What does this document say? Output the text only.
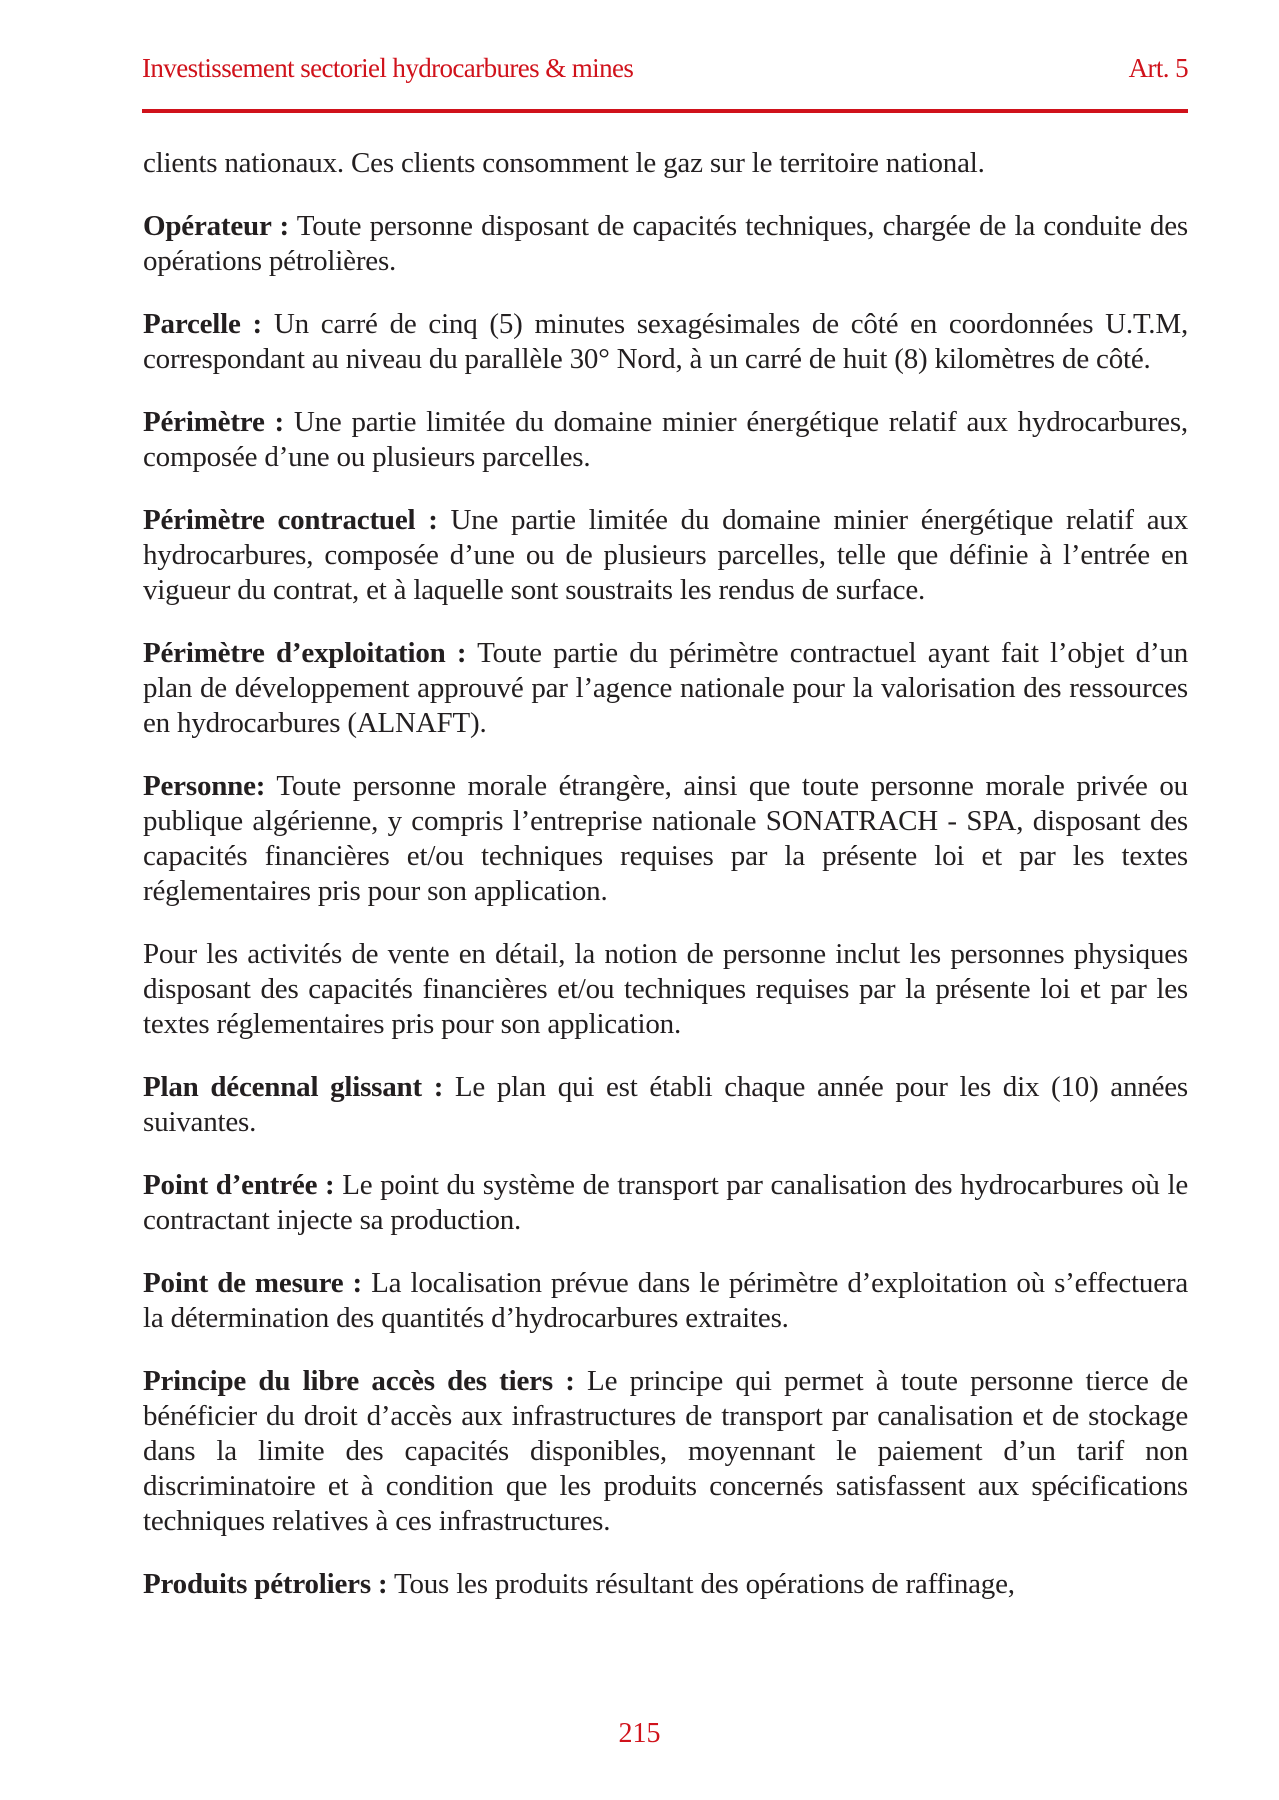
Investissement sectoriel hydrocarbures & mines	Art. 5

clients nationaux. Ces clients consomment le gaz sur le territoire national.

Opérateur : Toute personne disposant de capacités techniques, chargée de la conduite des opérations pétrolières.

Parcelle : Un carré de cinq (5) minutes sexagésimales de côté en coordonnées U.T.M, correspondant au niveau du parallèle 30° Nord, à un carré de huit (8) kilomètres de côté.

Périmètre : Une partie limitée du domaine minier énergétique relatif aux hydrocarbures, composée d’une ou plusieurs parcelles.

Périmètre contractuel : Une partie limitée du domaine minier énergétique relatif aux hydrocarbures, composée d’une ou de plusieurs parcelles, telle que définie à l’entrée en vigueur du contrat, et à laquelle sont soustraits les rendus de surface.

Périmètre d’exploitation : Toute partie du périmètre contractuel ayant fait l’objet d’un plan de développement approuvé par l’agence nationale pour la valorisation des ressources en hydrocarbures (ALNAFT).

Personne: Toute personne morale étrangère, ainsi que toute personne morale privée ou publique algérienne, y compris l’entreprise nationale SONATRACH - SPA, disposant des capacités financières et/ou techniques requises par la présente loi et par les textes réglementaires pris pour son application.

Pour les activités de vente en détail, la notion de personne inclut les personnes physiques disposant des capacités financières et/ou techniques requises par la présente loi et par les textes réglementaires pris pour son application.

Plan décennal glissant : Le plan qui est établi chaque année pour les dix (10) années suivantes.

Point d’entrée : Le point du système de transport par canalisation des hydrocarbures où le contractant injecte sa production.

Point de mesure : La localisation prévue dans le périmètre d’exploitation où s’effectuera la détermination des quantités d’hydrocarbures extraites.

Principe du libre accès des tiers : Le principe qui permet à toute personne tierce de bénéficier du droit d’accès aux infrastructures de transport par canalisation et de stockage dans la limite des capacités disponibles, moyennant le paiement d’un tarif non discriminatoire et à condition que les produits concernés satisfassent aux spécifications techniques relatives à ces infrastructures.

Produits pétroliers : Tous les produits résultant des opérations de raffinage,

215
